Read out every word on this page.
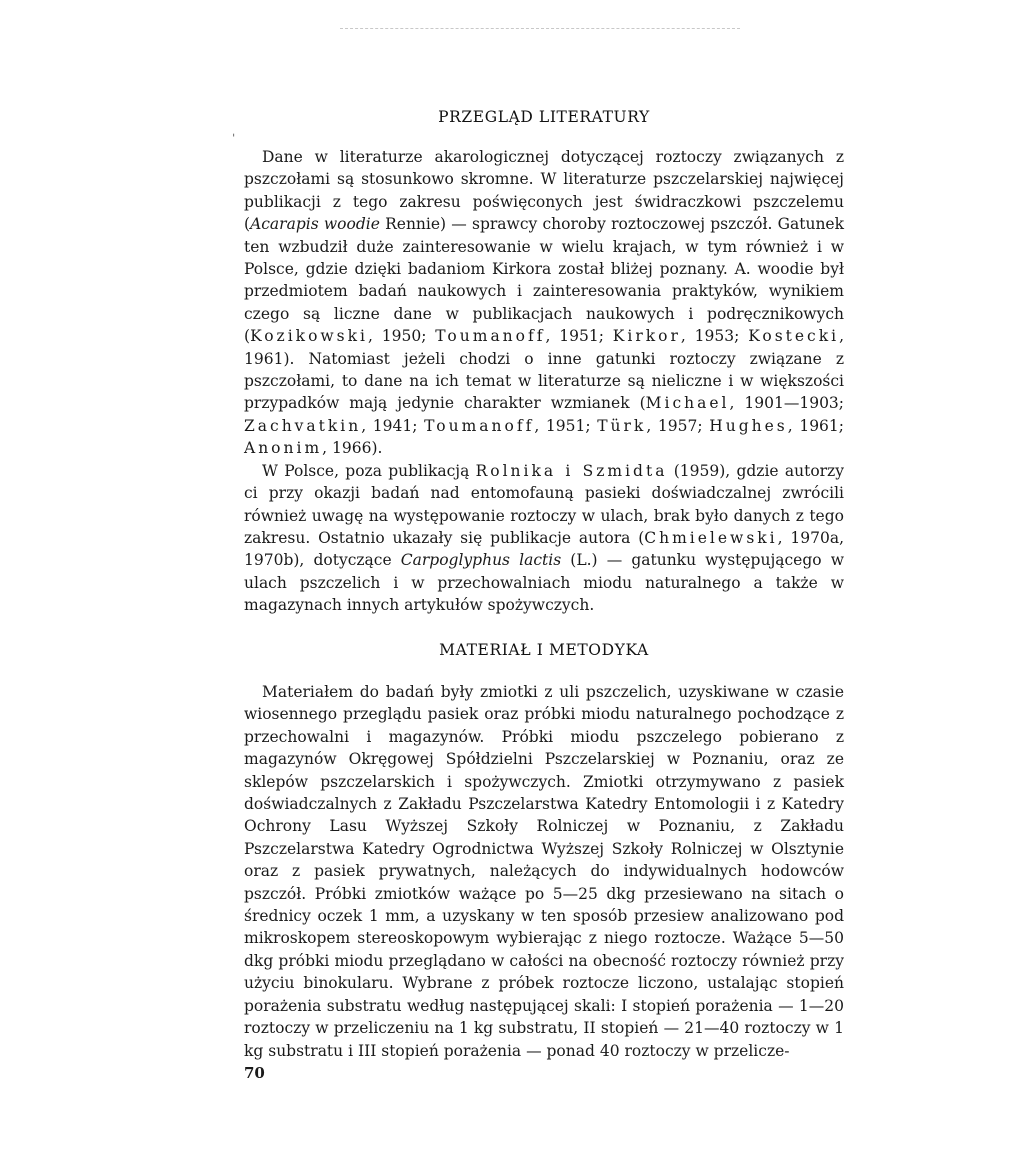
ˌ
PRZEGLĄD LITERATURY

Dane w literaturze akarologicznej dotyczącej roztoczy związanych z pszczołami są stosunkowo skromne. W literaturze pszczelarskiej najwięcej publikacji z tego zakresu poświęconych jest świdraczkowi pszczelemu (Acarapis woodie Rennie) — sprawcy choroby roztoczowej pszczół. Gatunek ten wzbudził duże zainteresowanie w wielu krajach, w tym również i w Polsce, gdzie dzięki badaniom Kirkora został bliżej poznany. A. woodie był przedmiotem badań naukowych i zainteresowania praktyków, wynikiem czego są liczne dane w publikacjach naukowych i podręcznikowych (Kozikowski, 1950; Toumanoff, 1951; Kirkor, 1953; Kostecki, 1961). Natomiast jeżeli chodzi o inne gatunki roztoczy związane z pszczołami, to dane na ich temat w literaturze są nieliczne i w większości przypadków mają jedynie charakter wzmianek (Michael, 1901—1903; Zachvatkin, 1941; Toumanoff, 1951; Türk, 1957; Hughes, 1961; Anonim, 1966).

W Polsce, poza publikacją Rolnika i Szmidta (1959), gdzie autorzy ci przy okazji badań nad entomofauną pasieki doświadczalnej zwrócili również uwagę na występowanie roztoczy w ulach, brak było danych z tego zakresu. Ostatnio ukazały się publikacje autora (Chmielewski, 1970a, 1970b), dotyczące Carpoglyphus lactis (L.) — gatunku występującego w ulach pszczelich i w przechowalniach miodu naturalnego a także w magazynach innych artykułów spożywczych.

MATERIAŁ I METODYKA

Materiałem do badań były zmiotki z uli pszczelich, uzyskiwane w czasie wiosennego przeglądu pasiek oraz próbki miodu naturalnego pochodzące z przechowalni i magazynów. Próbki miodu pszczelego pobierano z magazynów Okręgowej Spółdzielni Pszczelarskiej w Poznaniu, oraz ze sklepów pszczelarskich i spożywczych. Zmiotki otrzymywano z pasiek doświadczalnych z Zakładu Pszczelarstwa Katedry Entomologii i z Katedry Ochrony Lasu Wyższej Szkoły Rolniczej w Poznaniu, z Zakładu Pszczelarstwa Katedry Ogrodnictwa Wyższej Szkoły Rolniczej w Olsztynie oraz z pasiek prywatnych, należących do indywidualnych hodowców pszczół. Próbki zmiotków ważące po 5—25 dkg przesiewano na sitach o średnicy oczek 1 mm, a uzyskany w ten sposób przesiew analizowano pod mikroskopem stereoskopowym wybierając z niego roztocze. Ważące 5—50 dkg próbki miodu przeglądano w całości na obecność roztoczy również przy użyciu binokularu. Wybrane z próbek roztocze liczono, ustalając stopień porażenia substratu według następującej skali: I stopień porażenia — 1—20 roztoczy w przeliczeniu na 1 kg substratu, II stopień — 21—40 roztoczy w 1 kg substratu i III stopień porażenia — ponad 40 roztoczy w przelicze-

70
